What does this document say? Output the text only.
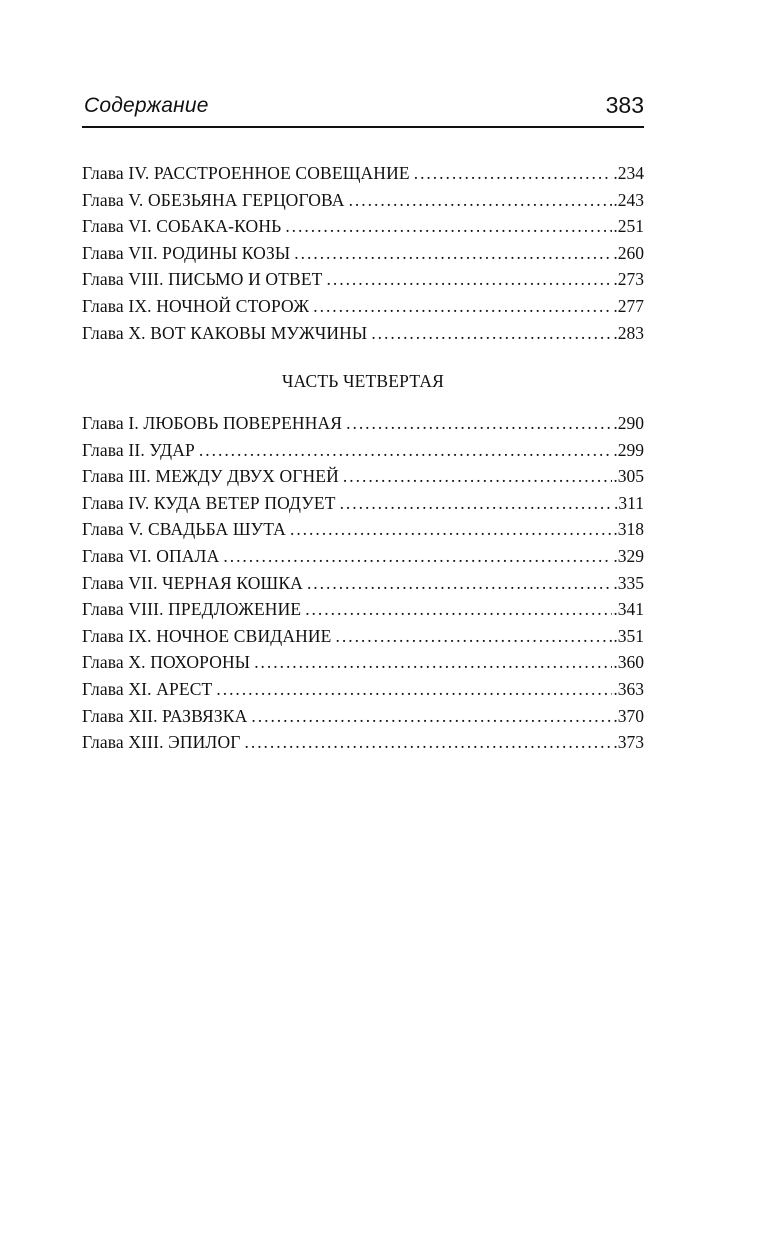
Содержание	383
Глава IV. РАССТРОЕННОЕ СОВЕЩАНИЕ . . .	.234
Глава V. ОБЕЗЬЯНА ГЕРЦОГОВА . . .	.243
Глава VI. СОБАКА-КОНЬ . . .	.251
Глава VII. РОДИНЫ КОЗЫ . . .	.260
Глава VIII. ПИСЬМО И ОТВЕТ . . .	.273
Глава IX. НОЧНОЙ СТОРОЖ . . .	.277
Глава X. ВОТ КАКОВЫ МУЖЧИНЫ . . .	.283
ЧАСТЬ ЧЕТВЕРТАЯ
Глава I. ЛЮБОВЬ ПОВЕРЕННАЯ . . .	.290
Глава II. УДАР . . .	.299
Глава III. МЕЖДУ ДВУХ ОГНЕЙ . . .	.305
Глава IV. КУДА ВЕТЕР ПОДУЕТ . . .	.311
Глава V. СВАДЬБА ШУТА . . .	.318
Глава VI. ОПАЛА . . .	.329
Глава VII. ЧЕРНАЯ КОШКА . . .	.335
Глава VIII. ПРЕДЛОЖЕНИЕ . . .	.341
Глава IX. НОЧНОЕ СВИДАНИЕ . . .	.351
Глава X. ПОХОРОНЫ . . .	.360
Глава XI. АРЕСТ . . .	.363
Глава XII. РАЗВЯЗКА . . .	.370
Глава XIII. ЭПИЛОГ . . .	.373
